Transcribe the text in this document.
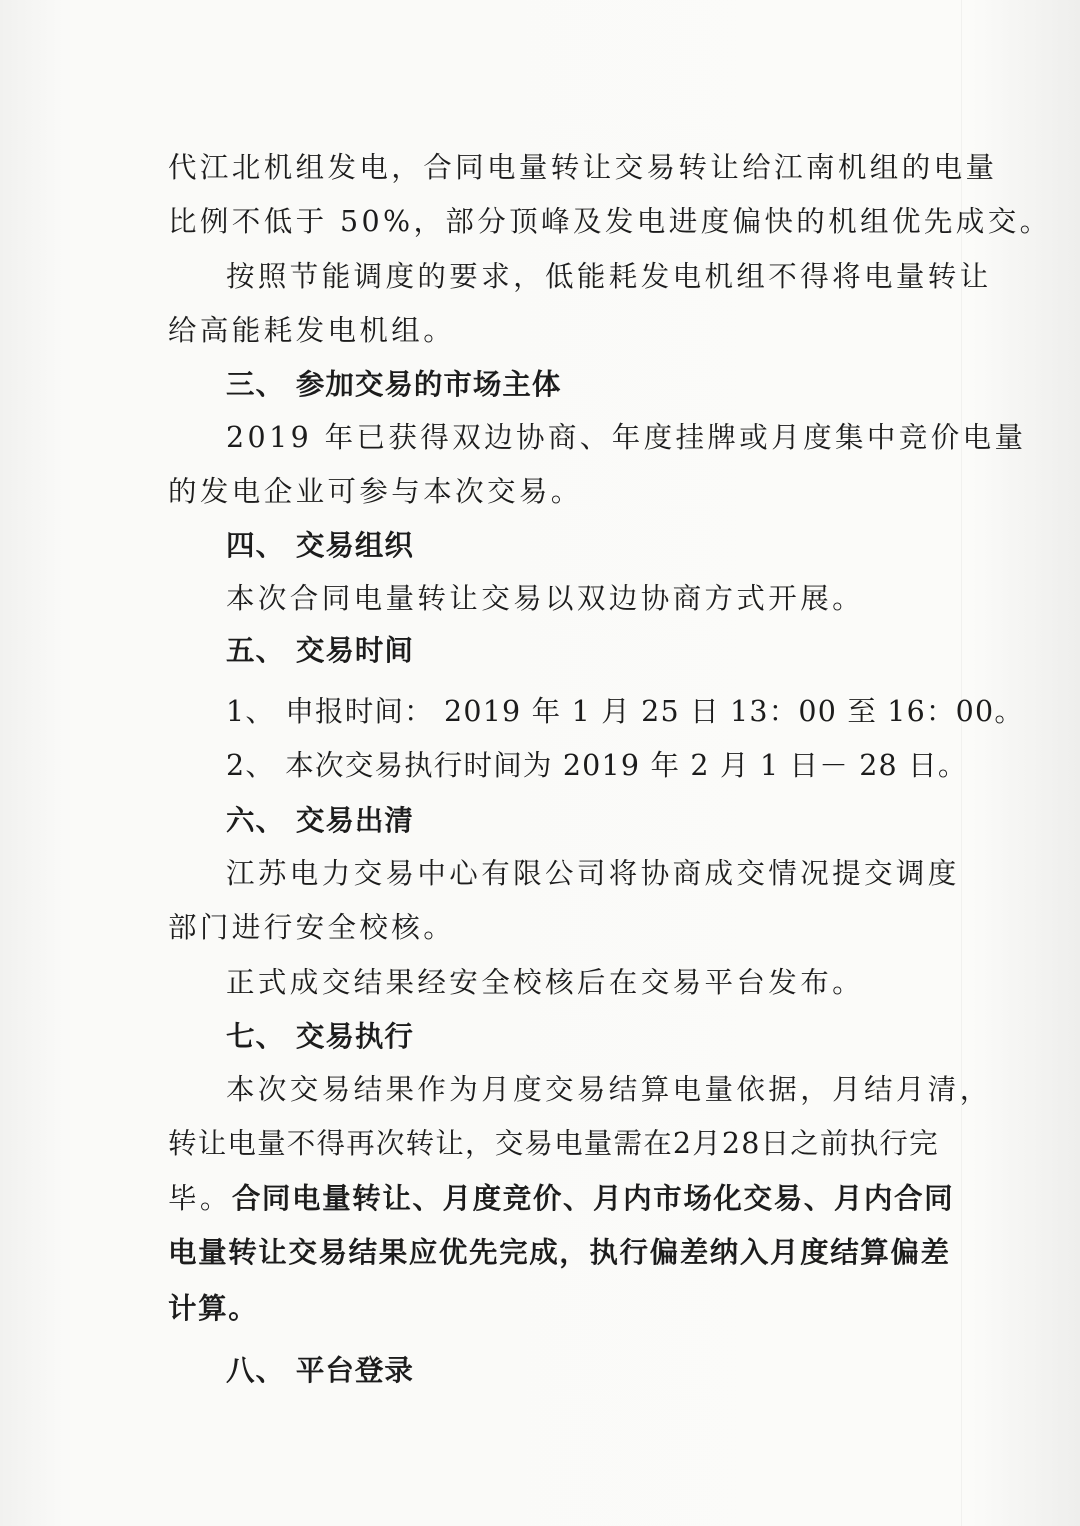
代江北机组发电，合同电量转让交易转让给江南机组的电量
比例不低于 50%，部分顶峰及发电进度偏快的机组优先成交。
按照节能调度的要求，低能耗发电机组不得将电量转让
给高能耗发电机组。
三、 参加交易的市场主体
2019 年已获得双边协商、年度挂牌或月度集中竞价电量
的发电企业可参与本次交易。
四、 交易组织
本次合同电量转让交易以双边协商方式开展。
五、 交易时间
1、 申报时间： 2019 年 1 月 25 日 13：00 至 16：00。
2、 本次交易执行时间为 2019 年 2 月 1 日－ 28 日。
六、 交易出清
江苏电力交易中心有限公司将协商成交情况提交调度
部门进行安全校核。
正式成交结果经安全校核后在交易平台发布。
七、 交易执行
本次交易结果作为月度交易结算电量依据，月结月清，
转让电量不得再次转让，交易电量需在2月28日之前执行完
毕。合同电量转让、月度竞价、月内市场化交易、月内合同
电量转让交易结果应优先完成，执行偏差纳入月度结算偏差
计算。
八、 平台登录
